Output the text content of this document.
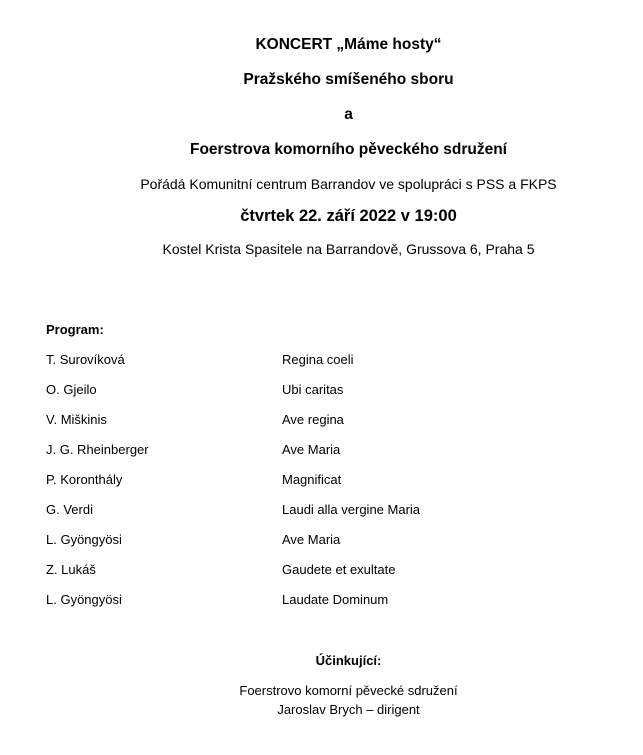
KONCERT „Máme hosty“
Pražského smíšeného sboru
a
Foerstrova komorního pěveckého sdružení
Pořádá Komunitní centrum Barrandov ve spolupráci s PSS a FKPS
čtvrtek 22. září 2022 v 19:00
Kostel Krista Spasitele na Barrandově, Grussova 6, Praha 5
Program:
T. Surovíková	Regina coeli
O. Gjeilo	Ubi caritas
V. Miškinis	Ave regina
J. G. Rheinberger	Ave Maria
P. Koronthály	Magnificat
G. Verdi	Laudi alla vergine Maria
L. Gyöngyösi	Ave Maria
Z. Lukáš	Gaudete et exultate
L. Gyöngyösi	Laudate Dominum
Účinkující:
Foerstrovo komorní pěvecké sdružení
Jaroslav Brych – dirigent
